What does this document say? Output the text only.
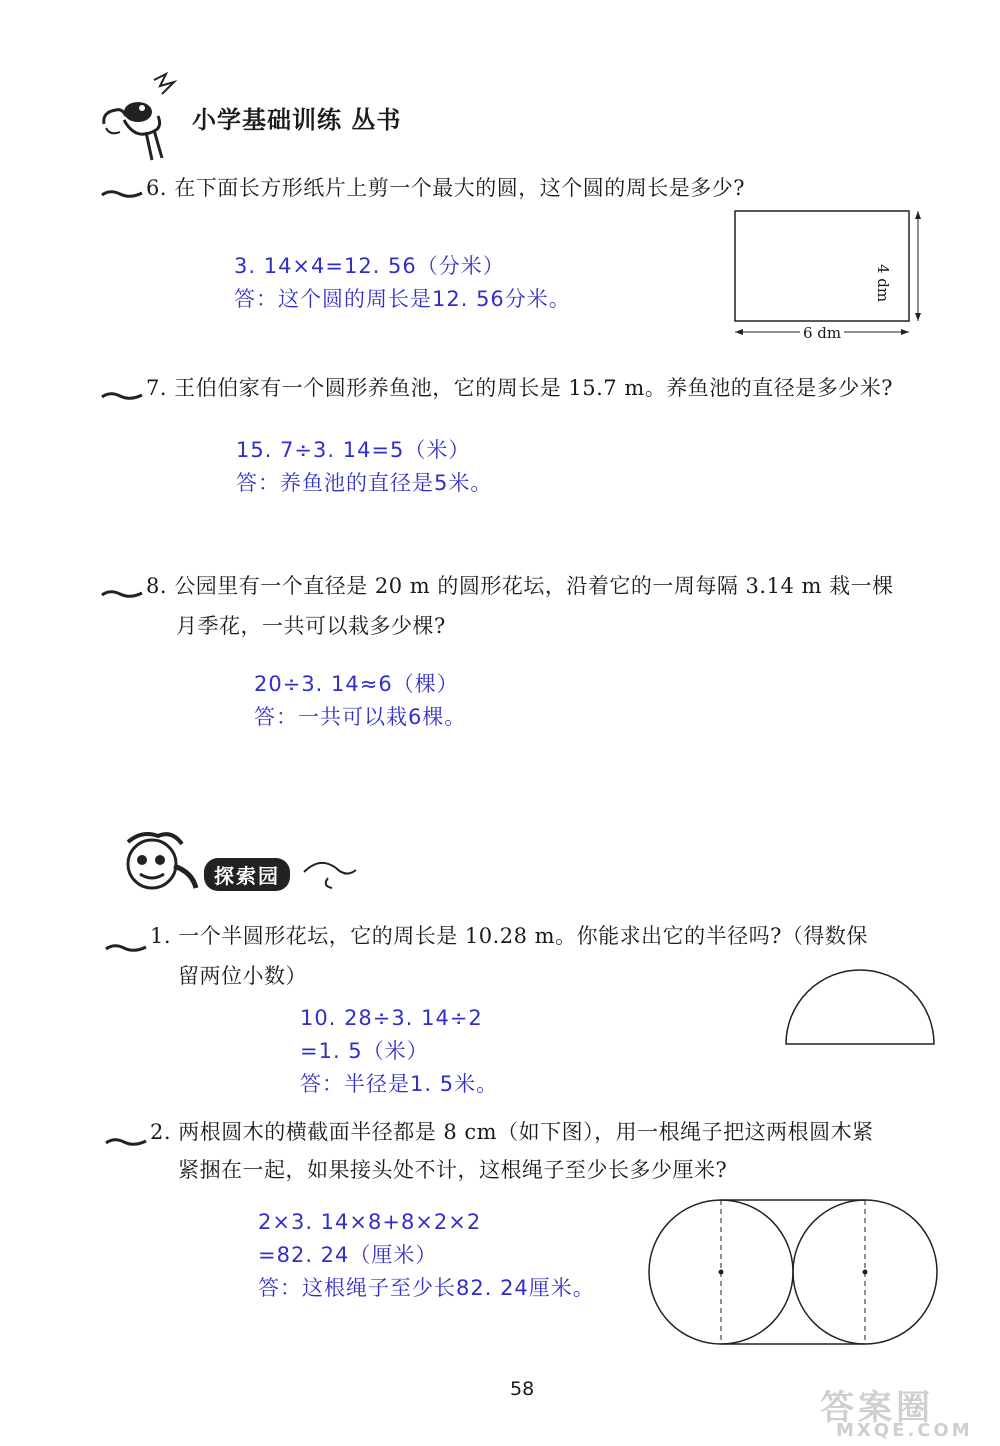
小学基础训练 丛书
6. 在下面长方形纸片上剪一个最大的圆，这个圆的周长是多少?
3. 14×4=12. 56（分米）
答：这个圆的周长是12. 56分米。
6 dm
4 dm
7. 王伯伯家有一个圆形养鱼池，它的周长是 15.7 m。养鱼池的直径是多少米?
15. 7÷3. 14=5（米）
答：养鱼池的直径是5米。
8. 公园里有一个直径是 20 m 的圆形花坛，沿着它的一周每隔 3.14 m 栽一棵
月季花，一共可以栽多少棵?
20÷3. 14≈6（棵）
答：一共可以栽6棵。
探索园
1. 一个半圆形花坛，它的周长是 10.28 m。你能求出它的半径吗?（得数保
留两位小数）
10. 28÷3. 14÷2
=1. 5（米）
答：半径是1. 5米。
2. 两根圆木的横截面半径都是 8 cm（如下图），用一根绳子把这两根圆木紧
紧捆在一起，如果接头处不计，这根绳子至少长多少厘米?
2×3. 14×8+8×2×2
=82. 24（厘米）
答：这根绳子至少长82. 24厘米。
58	答案圈
MXQE.COM
